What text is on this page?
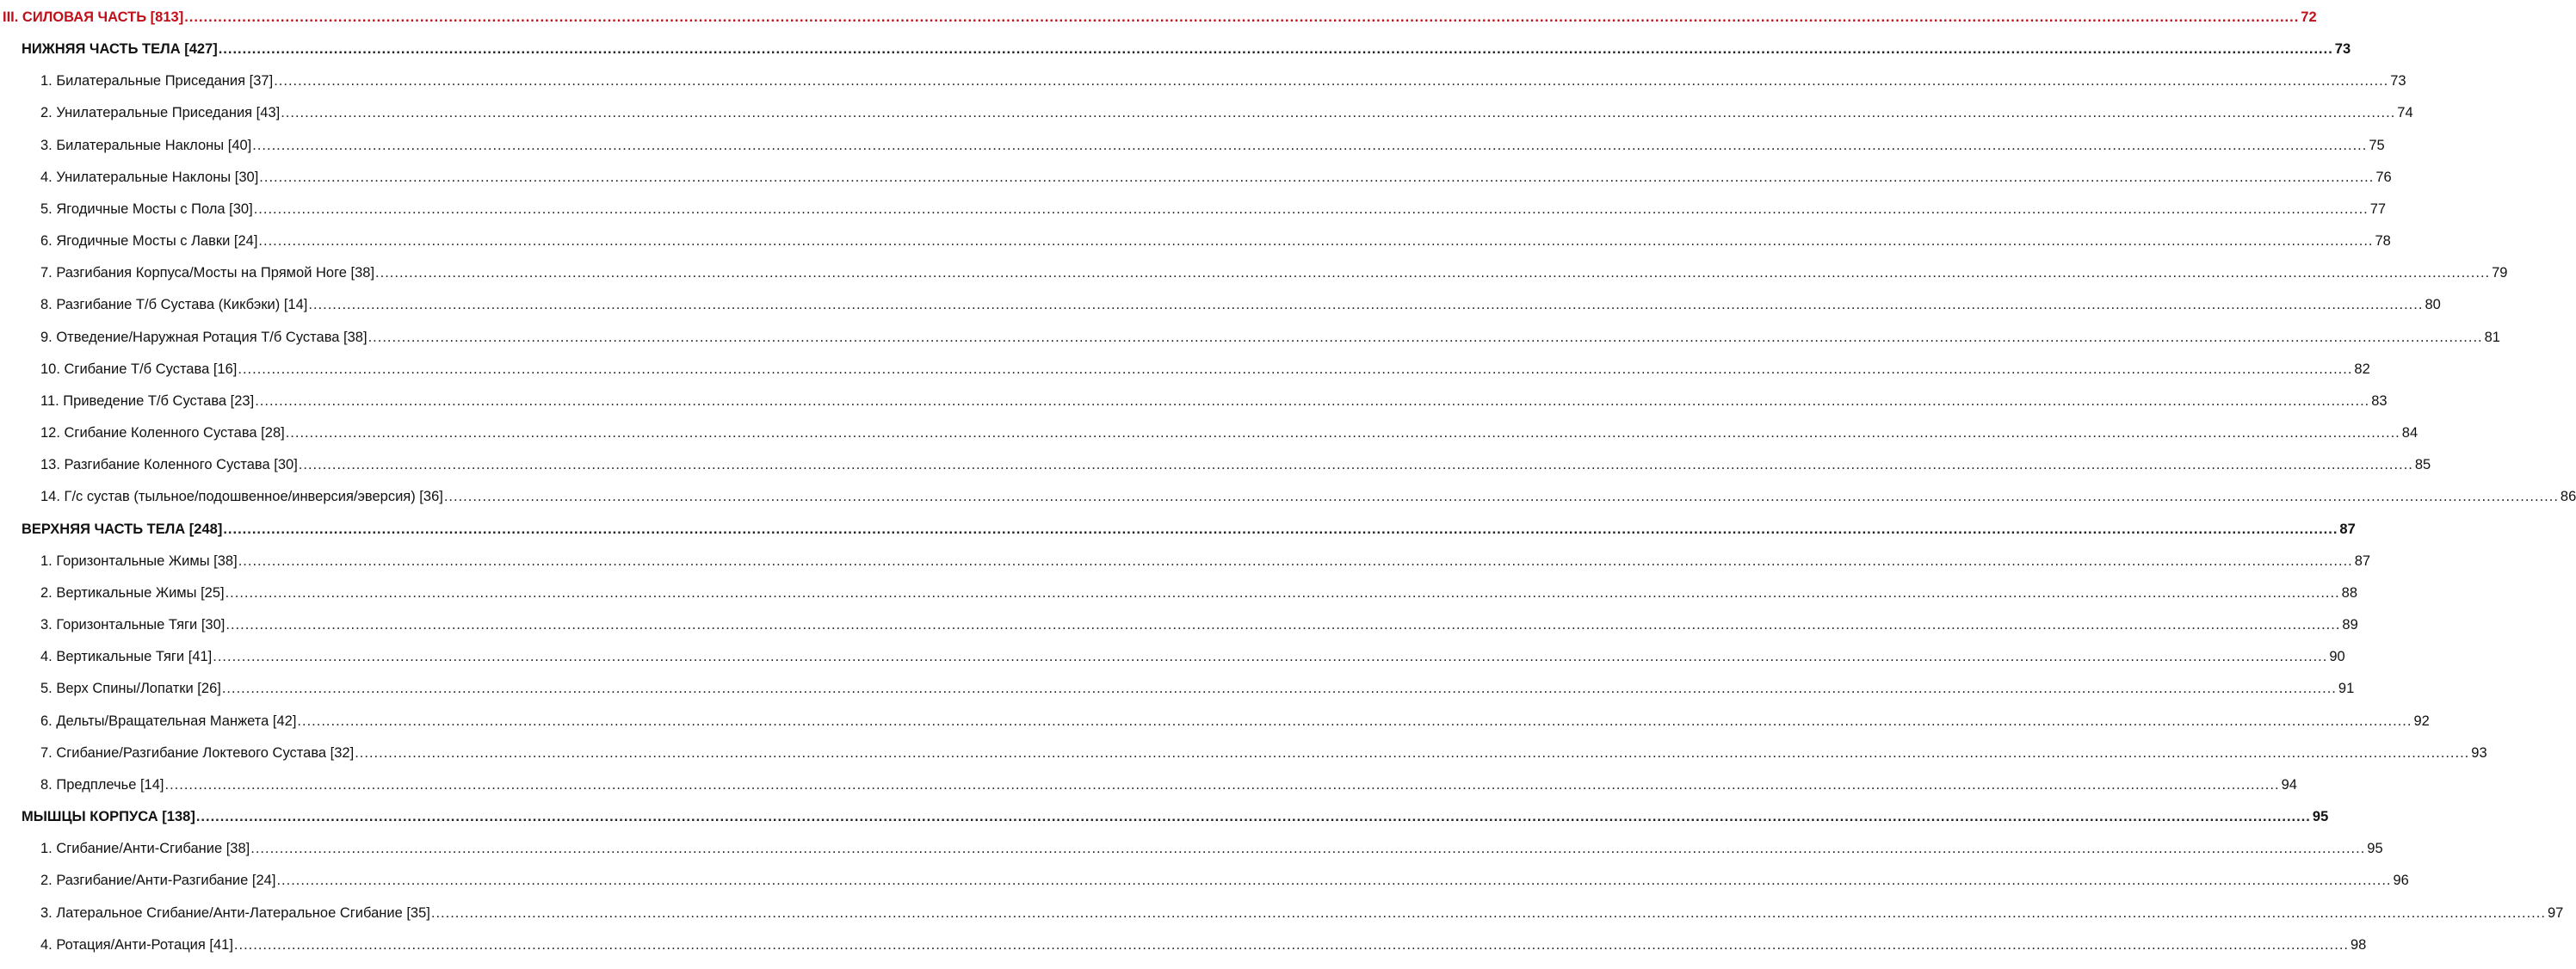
III. СИЛОВАЯ ЧАСТЬ [813] .....	72
НИЖНЯЯ ЧАСТЬ ТЕЛА [427] .....	73
1. Билатеральные Приседания [37] .....	73
2. Унилатеральные Приседания [43] .....	74
3. Билатеральные Наклоны [40] .....	75
4. Унилатеральные Наклоны [30] .....	76
5. Ягодичные Мосты с Пола [30] .....	77
6. Ягодичные Мосты с Лавки [24] .....	78
7. Разгибания Корпуса/Мосты на Прямой Ноге [38] .....	79
8. Разгибание Т/б Сустава (Кикбэки) [14] .....	80
9. Отведение/Наружная Ротация Т/б Сустава [38] .....	81
10. Сгибание Т/б Сустава [16] .....	82
11. Приведение Т/б Сустава [23] .....	83
12. Сгибание Коленного Сустава [28] .....	84
13. Разгибание Коленного Сустава [30] .....	85
14. Г/с сустав (тыльное/подошвенное/инверсия/эверсия) [36] .....	86
ВЕРХНЯЯ ЧАСТЬ ТЕЛА [248] .....	87
1. Горизонтальные Жимы [38] .....	87
2. Вертикальные Жимы [25] .....	88
3. Горизонтальные Тяги [30] .....	89
4. Вертикальные Тяги [41] .....	90
5. Верх Спины/Лопатки [26] .....	91
6. Дельты/Вращательная Манжета [42] .....	92
7. Сгибание/Разгибание Локтевого Сустава [32] .....	93
8. Предплечье [14] .....	94
МЫШЦЫ КОРПУСА [138] .....	95
1. Сгибание/Анти-Сгибание [38] .....	95
2. Разгибание/Анти-Разгибание [24] .....	96
3. Латеральное Сгибание/Анти-Латеральное Сгибание [35] .....	97
4. Ротация/Анти-Ротация [41] .....	98
